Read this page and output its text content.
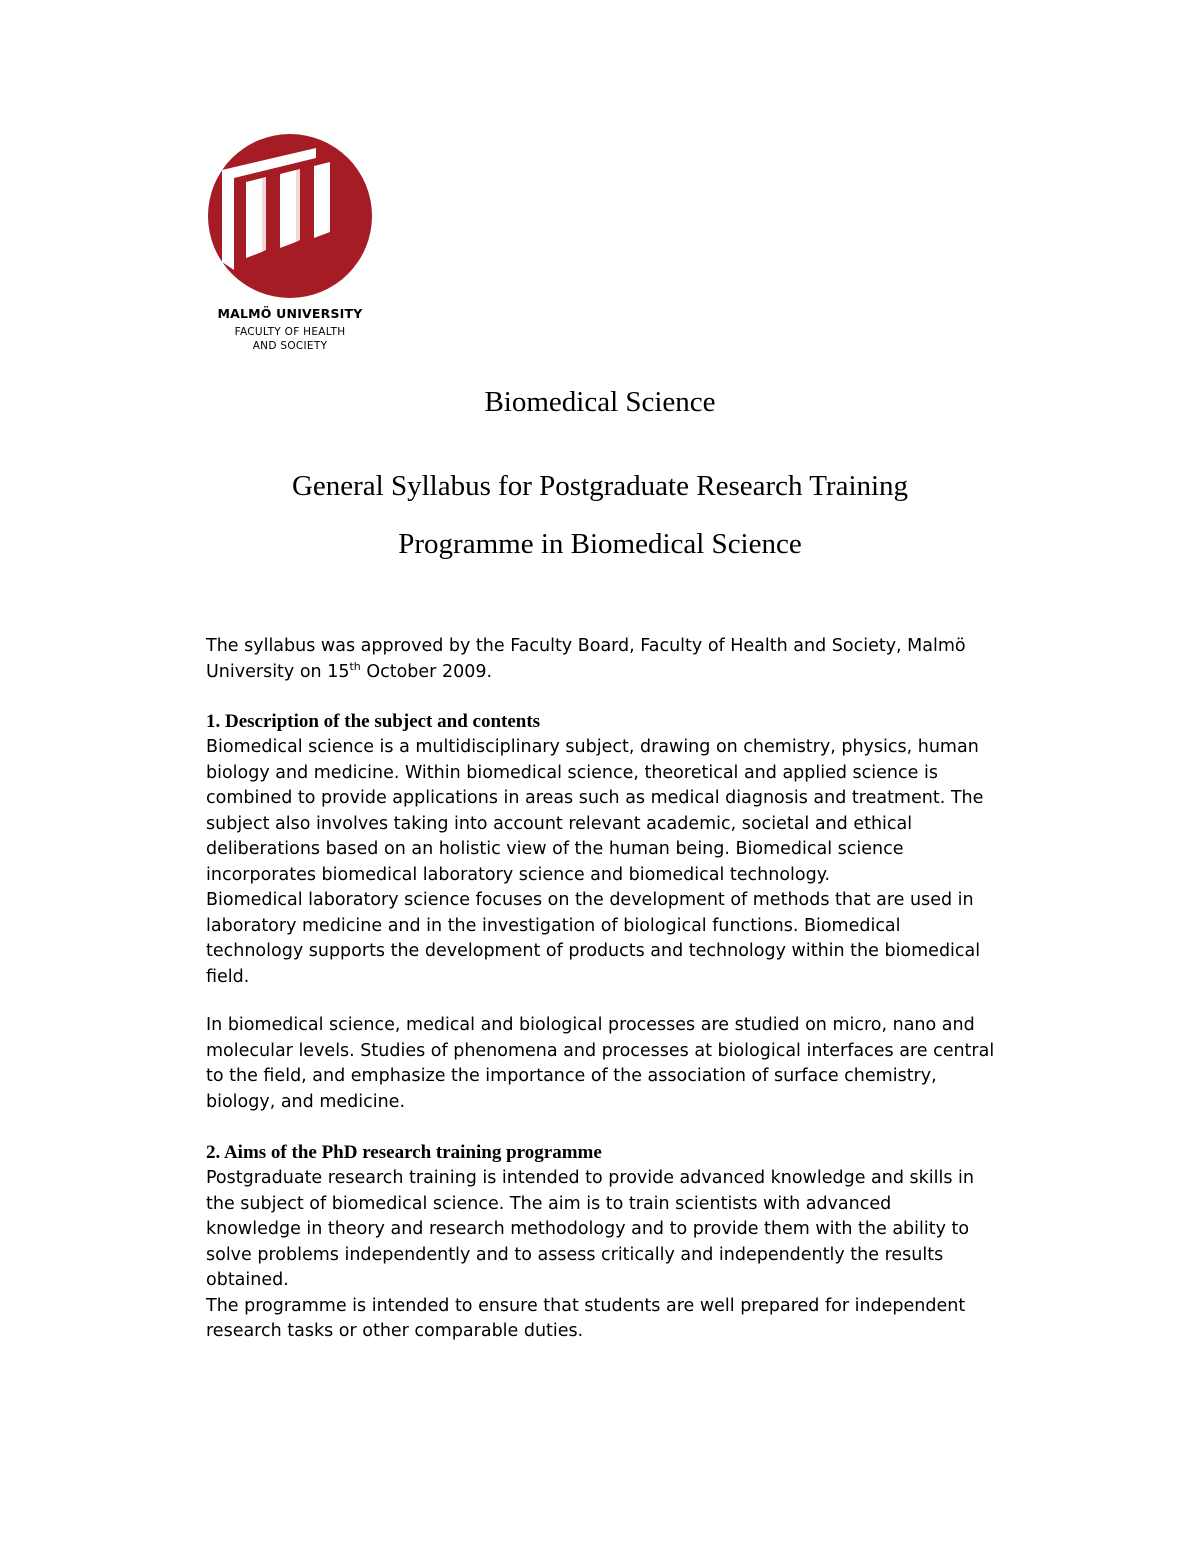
MALMÖ UNIVERSITY
FACULTY OF HEALTH
AND SOCIETY
Biomedical Science
General Syllabus for Postgraduate Research Training
Programme in Biomedical Science
The syllabus was approved by the Faculty Board, Faculty of Health and Society, Malmö
University on 15th October 2009.
1. Description of the subject and contents
Biomedical science is a multidisciplinary subject, drawing on chemistry, physics, human
biology and medicine. Within biomedical science, theoretical and applied science is
combined to provide applications in areas such as medical diagnosis and treatment. The
subject also involves taking into account relevant academic, societal and ethical
deliberations based on an holistic view of the human being. Biomedical science
incorporates biomedical laboratory science and biomedical technology.
Biomedical laboratory science focuses on the development of methods that are used in
laboratory medicine and in the investigation of biological functions. Biomedical
technology supports the development of products and technology within the biomedical
field.
In biomedical science, medical and biological processes are studied on micro, nano and
molecular levels. Studies of phenomena and processes at biological interfaces are central
to the field, and emphasize the importance of the association of surface chemistry,
biology, and medicine.
2. Aims of the PhD research training programme
Postgraduate research training is intended to provide advanced knowledge and skills in
the subject of biomedical science. The aim is to train scientists with advanced
knowledge in theory and research methodology and to provide them with the ability to
solve problems independently and to assess critically and independently the results
obtained.
The programme is intended to ensure that students are well prepared for independent
research tasks or other comparable duties.
